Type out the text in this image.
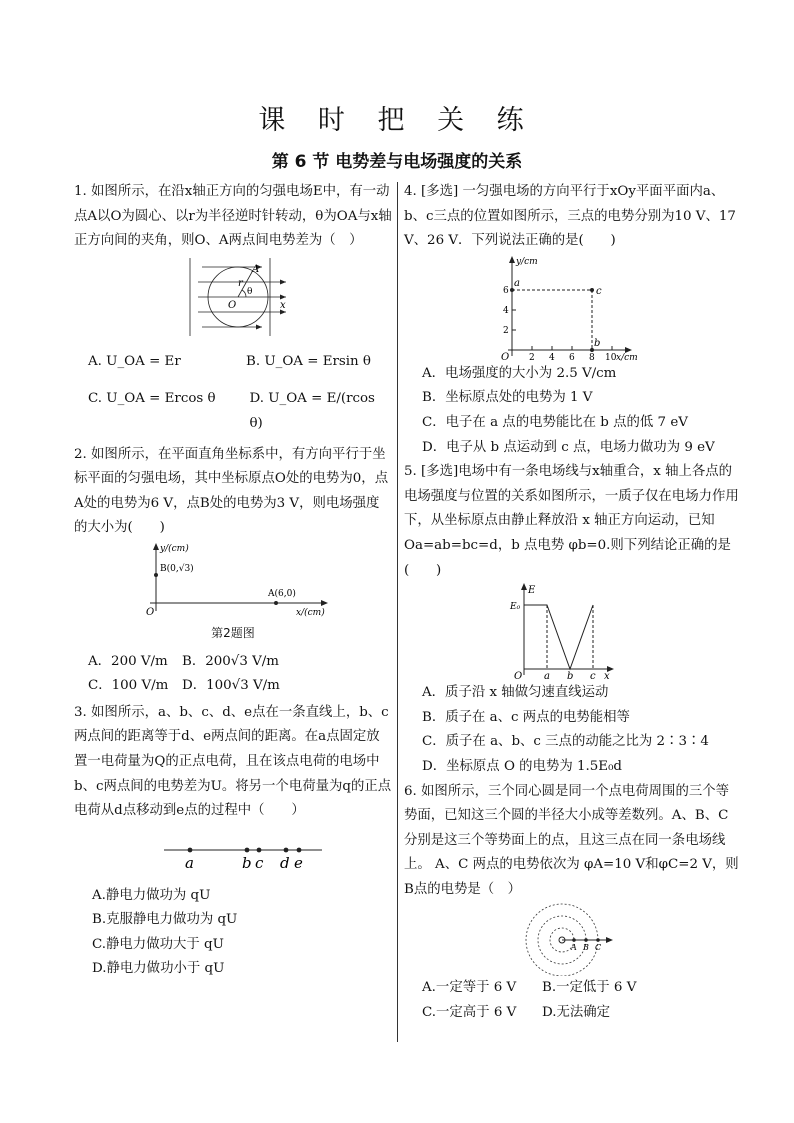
课 时 把 关 练
第 6 节 电势差与电场强度的关系

1. 如图所示，在沿x轴正方向的匀强电场E中，有一动点A以O为圆心、以r为半径逆时针转动，θ为OA与x轴正方向间的夹角，则O、A两点间电势差为（　）

A
r
θ
O	x
A. U_OA = Er	B. U_OA = Ersin θ
C. U_OA = Ercos θ	D. U_OA = E/(rcos θ)

2. 如图所示，在平面直角坐标系中，有方向平行于坐标平面的匀强电场，其中坐标原点O处的电势为0，点A处的电势为6 V，点B处的电势为3 V，则电场强度的大小为(　　)

y/(cm)
B(0,√3)
A(6,0)
O	x/(cm)
第2题图
A．200 V/m	B．200√3 V/m
C．100 V/m	D．100√3 V/m

3. 如图所示，a、b、c、d、e点在一条直线上，b、c两点间的距离等于d、e两点间的距离。在a点固定放置一电荷量为Q的正点电荷，且在该点电荷的电场中b、c两点间的电势差为U。将另一个电荷量为q的正点电荷从d点移动到e点的过程中（　　）

a	b c d e

A.静电力做功为 qU

B.克服静电力做功为 qU

C.静电力做功大于 qU

D.静电力做功小于 qU

4. [多选] 一匀强电场的方向平行于xOy平面平面内a、b、c三点的位置如图所示，三点的电势分别为10 V、17 V、26 V．下列说法正确的是(　　)

y/cm
a
c
b
O 2 4 6 8 10 x/cm
6
4
2

A．电场强度的大小为 2.5 V/cm

B．坐标原点处的电势为 1 V

C．电子在 a 点的电势能比在 b 点的低 7 eV

D．电子从 b 点运动到 c 点，电场力做功为 9 eV

5. [多选]电场中有一条电场线与x轴重合，x 轴上各点的电场强度与位置的关系如图所示，一质子仅在电场力作用下，从坐标原点由静止释放沿 x 轴正方向运动，已知 Oa=ab=bc=d，b 点电势 φb=0.则下列结论正确的是(　　)

E
E₀
O a b c x

A．质子沿 x 轴做匀速直线运动

B．质子在 a、c 两点的电势能相等

C．质子在 a、b、c 三点的动能之比为 2∶3∶4

D．坐标原点 O 的电势为 1.5E₀d

6. 如图所示，三个同心圆是同一个点电荷周围的三个等势面，已知这三个圆的半径大小成等差数列。A、B、C 分别是这三个等势面上的点，且这三点在同一条电场线上。 A、C 两点的电势依次为 φA=10 V和φC=2 V，则B点的电势是（　）

A B C
A.一定等于 6 V	B.一定低于 6 V
C.一定高于 6 V	D.无法确定
